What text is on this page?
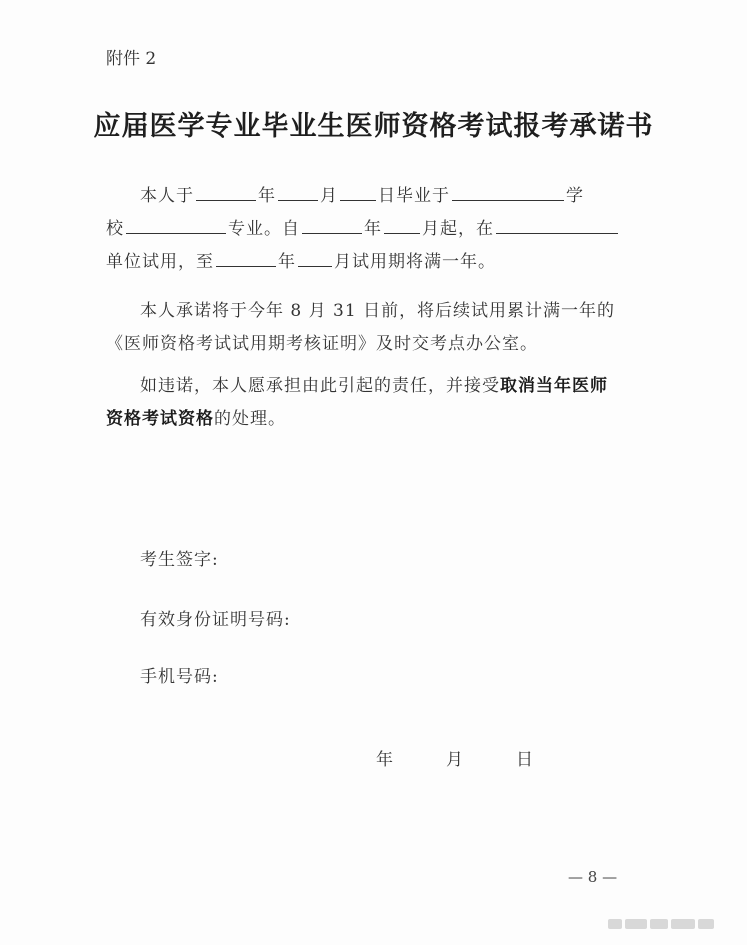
附件 2
应届医学专业毕业生医师资格考试报考承诺书
本人于	年	月 日毕业于	学
校	专业。自	年 月起，在
单位试用，至	年 月试用期将满一年。
本人承诺将于今年 8 月 31 日前，将后续试用累计满一年的
《医师资格考试试用期考核证明》及时交考点办公室。
如违诺，本人愿承担由此引起的责任，并接受取消当年医师
资格考试资格的处理。
考生签字:
有效身份证明号码:
手机号码:
年	月	日
— 8 —
